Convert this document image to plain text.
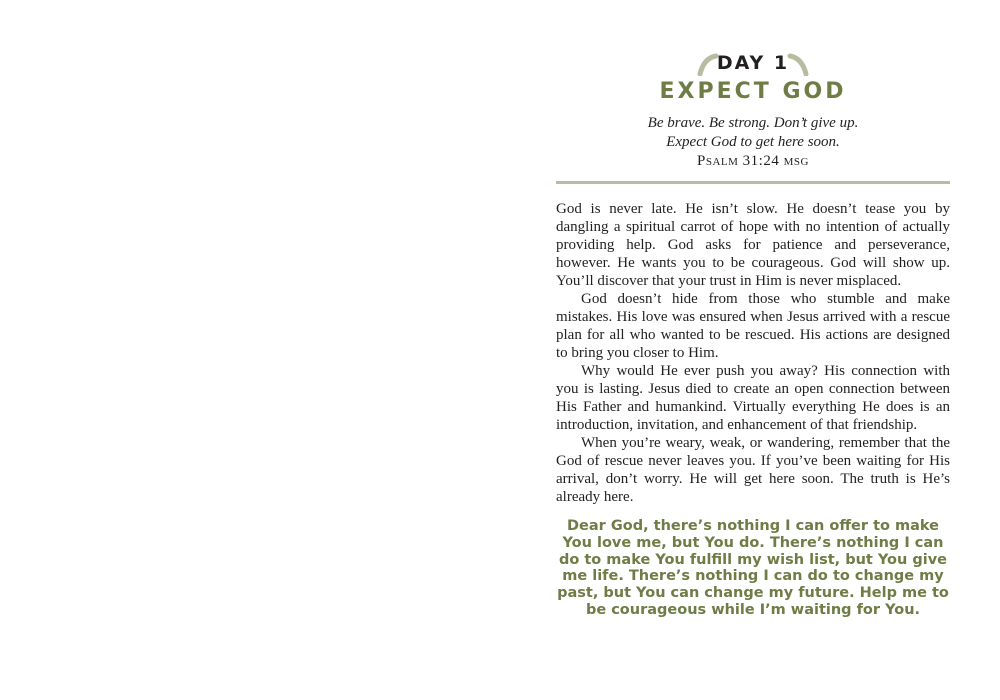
DAY 1
EXPECT GOD
Be brave. Be strong. Don’t give up.
Expect God to get here soon.
Psalm 31:24 msg

God is never late. He isn’t slow. He doesn’t tease you by dangling a spiritual carrot of hope with no intention of actually providing help. God asks for patience and perseverance, however. He wants you to be courageous. God will show up. You’ll discover that your trust in Him is never misplaced.

God doesn’t hide from those who stumble and make mistakes. His love was ensured when Jesus arrived with a rescue plan for all who wanted to be rescued. His actions are designed to bring you closer to Him.

Why would He ever push you away? His connection with you is lasting. Jesus died to create an open connection between His Father and humankind. Virtually everything He does is an introduction, invitation, and enhancement of that friendship.

When you’re weary, weak, or wandering, remember that the God of rescue never leaves you. If you’ve been waiting for His arrival, don’t worry. He will get here soon. The truth is He’s already here.

Dear God, there’s nothing I can offer to make You love me, but You do. There’s nothing I can do to make You fulfill my wish list, but You give me life. There’s nothing I can do to change my past, but You can change my future. Help me to be courageous while I’m waiting for You.
